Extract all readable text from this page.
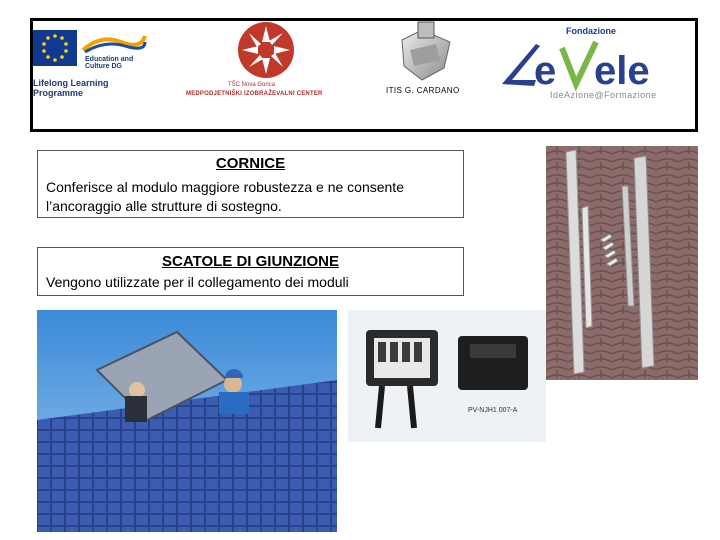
Education and Culture DG
Lifelong Learning Programme
TŠC Nova Gorica
MEDPODJETNIŠKI IZOBRAŽEVALNI CENTER	ITIS G. CARDANO
Fondazione
e ele
IdeAzione@Formazione
CORNICE
Conferisce al modulo maggiore robustezza e ne consente l’ancoraggio alle strutture di sostegno.
SCATOLE DI GIUNZIONE
Vengono utilizzate per il collegamento dei moduli
PV-NJH1 007-A
